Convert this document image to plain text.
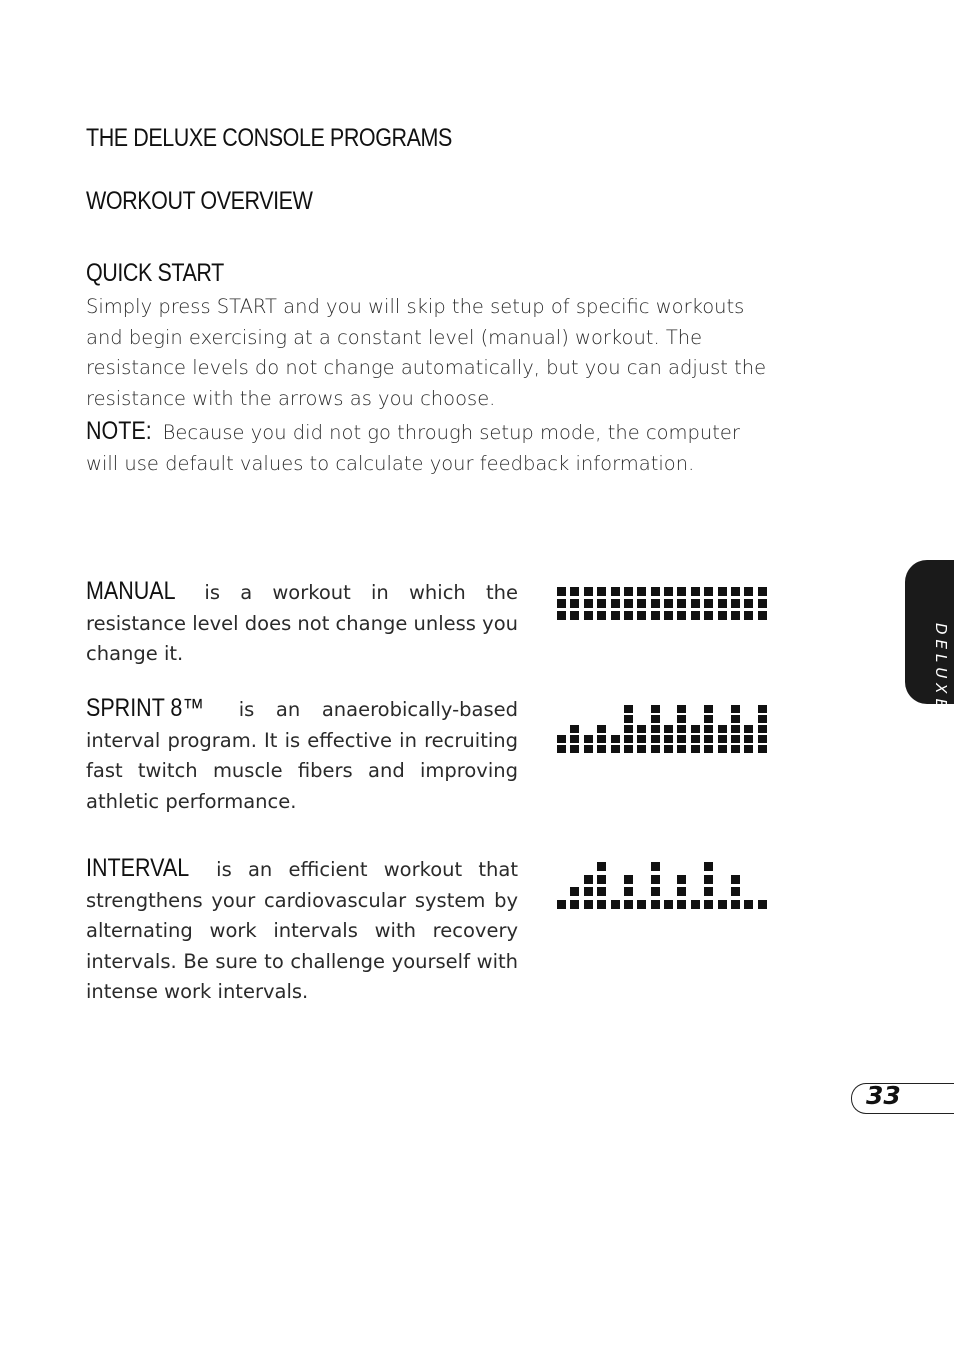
THE DELUXE CONSOLE PROGRAMS
WORKOUT OVERVIEW
QUICK START
Simply press START and you will skip the setup of specific workouts and begin exercising at a constant level (manual) workout. The resistance levels do not change automatically, but you can adjust the resistance with the arrows as you choose.
NOTE: Because you did not go through setup mode, the computer will use default values to calculate your feedback information.

MANUAL is a workout in which the resistance level does not change unless you change it.

SPRINT 8™ is an anaerobically-based interval program. It is effective in recruiting fast twitch muscle fibers and improving athletic performance.

INTERVAL is an efficient workout that strengthens your cardiovascular system by alternating work intervals with recovery intervals. Be sure to challenge yourself with intense work intervals.

DELUXE
33
